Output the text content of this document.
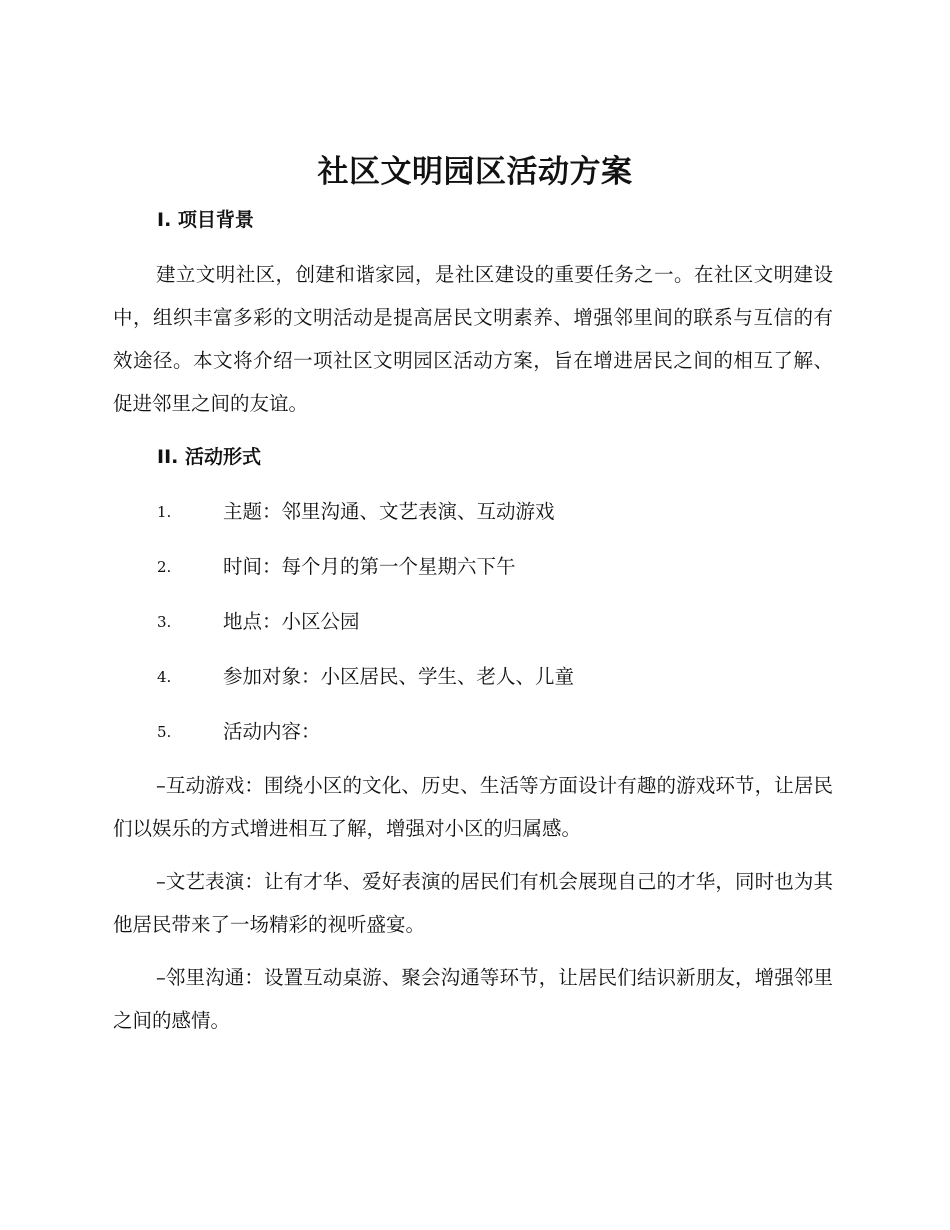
社区文明园区活动方案
I. 项目背景
建立文明社区，创建和谐家园，是社区建设的重要任务之一。在社区文明建设中，组织丰富多彩的文明活动是提高居民文明素养、增强邻里间的联系与互信的有效途径。本文将介绍一项社区文明园区活动方案，旨在增进居民之间的相互了解、促进邻里之间的友谊。
II. 活动形式
1.	主题：邻里沟通、文艺表演、互动游戏
2.	时间：每个月的第一个星期六下午
3.	地点：小区公园
4.	参加对象：小区居民、学生、老人、儿童
5.	活动内容：
–互动游戏：围绕小区的文化、历史、生活等方面设计有趣的游戏环节，让居民们以娱乐的方式增进相互了解，增强对小区的归属感。
–文艺表演：让有才华、爱好表演的居民们有机会展现自己的才华，同时也为其他居民带来了一场精彩的视听盛宴。
–邻里沟通：设置互动桌游、聚会沟通等环节，让居民们结识新朋友，增强邻里之间的感情。
